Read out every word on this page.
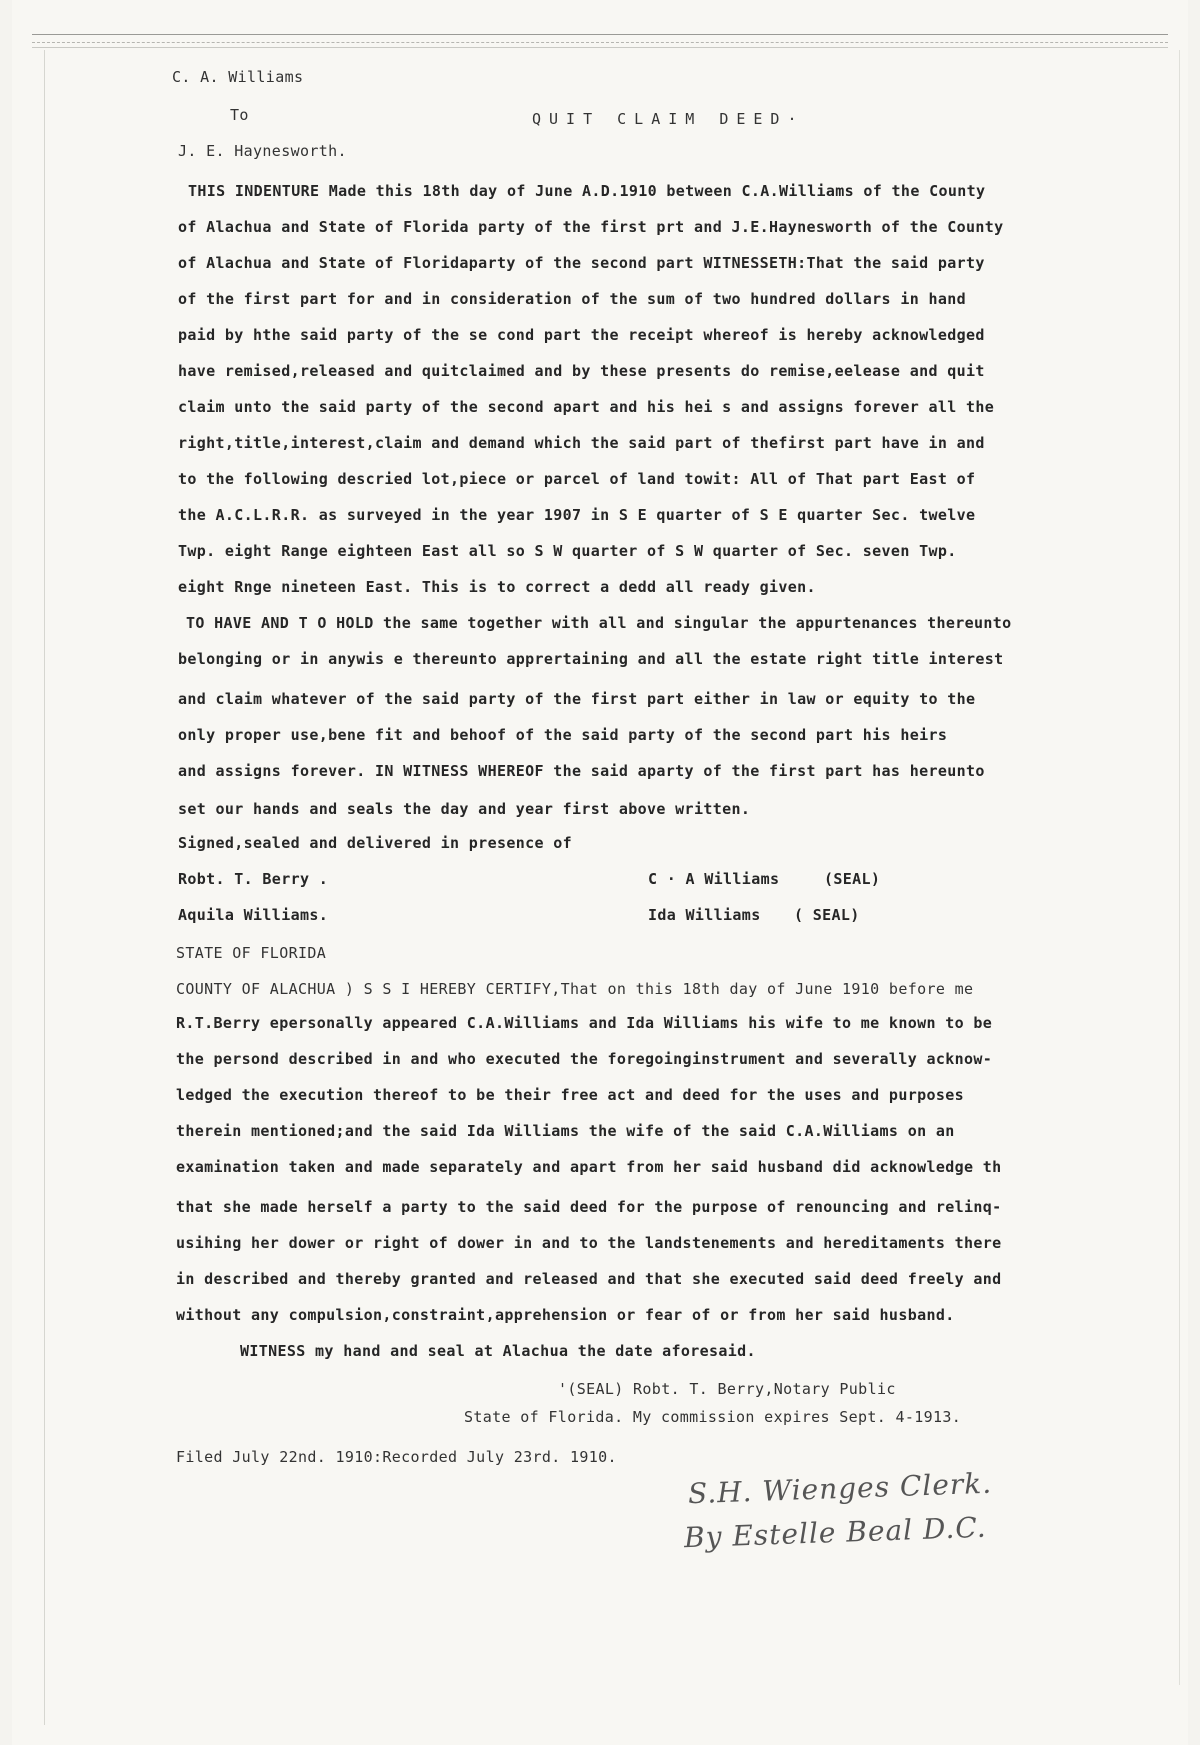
C. A. Williams
To	QUIT CLAIM DEED·
J. E. Haynesworth.
THIS INDENTURE Made this 18th day of June A.D.1910 between C.A.Williams of the County
of Alachua and State of Florida party of the first prt and J.E.Haynesworth of the County
of Alachua and State of Floridaparty of the second part WITNESSETH:That the said party
of the first part for and in consideration of the sum of two hundred dollars in hand
paid by hthe said party of the se cond part the receipt whereof is hereby acknowledged
have remised,released and quitclaimed and by these presents do remise,eelease and quit
claim unto the said party of the second apart and his hei s and assigns forever all the
right,title,interest,claim and demand which the said part of thefirst part have in and
to the following descried lot,piece or parcel of land towit: All of That part East of
the A.C.L.R.R. as surveyed in the year 1907 in S E quarter of S E quarter Sec. twelve
Twp. eight Range eighteen East all so S W quarter of S W quarter of Sec. seven Twp.
eight Rnge nineteen East. This is to correct a dedd all ready given.
TO HAVE AND T O HOLD the same together with all and singular the appurtenances thereunto
belonging or in anywis e thereunto apprertaining and all the estate right title interest
and claim whatever of the said party of the first part either in law or equity to the
only proper use,bene fit and behoof of the said party of the second part his heirs
and assigns forever. IN WITNESS WHEREOF the said aparty of the first part has hereunto
set our hands and seals the day and year first above written.
Signed,sealed and delivered in presence of
Robt. T. Berry .	C · A Williams	(SEAL)
Aquila Williams.	Ida Williams ( SEAL)
STATE OF FLORIDA
COUNTY OF ALACHUA ) S S I HEREBY CERTIFY,That on this 18th day of June 1910 before me
R.T.Berry epersonally appeared C.A.Williams and Ida Williams his wife to me known to be
the persond described in and who executed the foregoinginstrument and severally acknow-
ledged the execution thereof to be their free act and deed for the uses and purposes
therein mentioned;and the said Ida Williams the wife of the said C.A.Williams on an
examination taken and made separately and apart from her said husband did acknowledge th
that she made herself a party to the said deed for the purpose of renouncing and relinq-
usihing her dower or right of dower in and to the landstenements and hereditaments there
in described and thereby granted and released and that she executed said deed freely and
without any compulsion,constraint,apprehension or fear of or from her said husband.
WITNESS my hand and seal at Alachua the date aforesaid.
'(SEAL) Robt. T. Berry,Notary Public
State of Florida. My commission expires Sept. 4-1913.
Filed July 22nd. 1910:Recorded July 23rd. 1910.
S.H. Wienges Clerk.
By Estelle Beal D.C.
